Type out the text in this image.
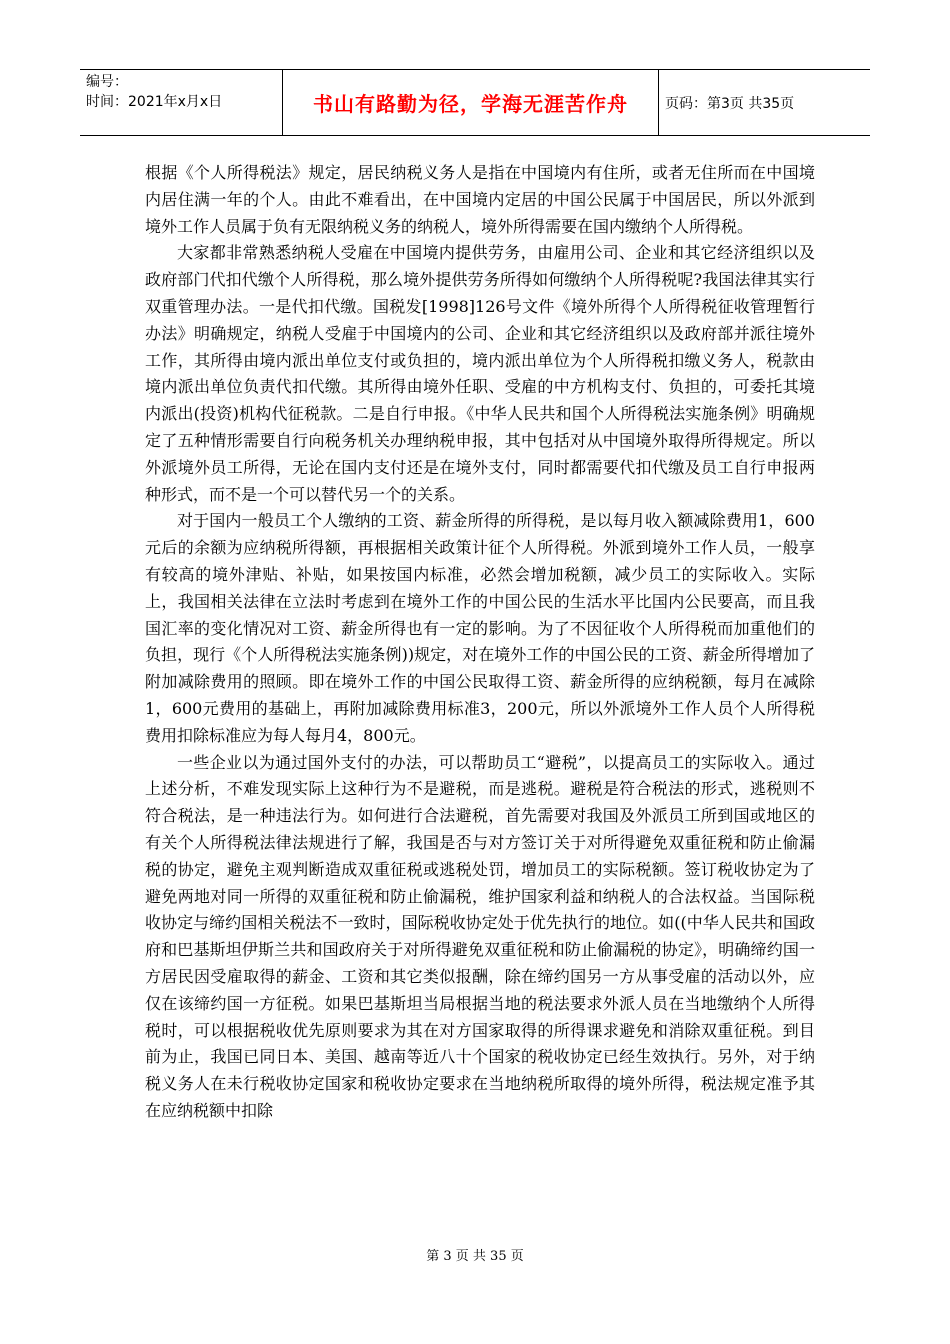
编号：
时间：2021年x月x日	书山有路勤为径，学海无涯苦作舟	页码：第3页 共35页

根据《个人所得税法》规定，居民纳税义务人是指在中国境内有住所，或者无住所而在中国境内居住满一年的个人。由此不难看出，在中国境内定居的中国公民属于中国居民，所以外派到境外工作人员属于负有无限纳税义务的纳税人，境外所得需要在国内缴纳个人所得税。

大家都非常熟悉纳税人受雇在中国境内提供劳务，由雇用公司、企业和其它经济组织以及政府部门代扣代缴个人所得税，那么境外提供劳务所得如何缴纳个人所得税呢?我国法律其实行双重管理办法。一是代扣代缴。国税发[1998]126号文件《境外所得个人所得税征收管理暂行办法》明确规定，纳税人受雇于中国境内的公司、企业和其它经济组织以及政府部并派往境外工作，其所得由境内派出单位支付或负担的，境内派出单位为个人所得税扣缴义务人，税款由境内派出单位负责代扣代缴。其所得由境外任职、受雇的中方机构支付、负担的，可委托其境内派出(投资)机构代征税款。二是自行申报。《中华人民共和国个人所得税法实施条例》明确规定了五种情形需要自行向税务机关办理纳税申报，其中包括对从中国境外取得所得规定。所以外派境外员工所得，无论在国内支付还是在境外支付，同时都需要代扣代缴及员工自行申报两种形式，而不是一个可以替代另一个的关系。

对于国内一般员工个人缴纳的工资、薪金所得的所得税，是以每月收入额减除费用1，600元后的余额为应纳税所得额，再根据相关政策计征个人所得税。外派到境外工作人员，一般享有较高的境外津贴、补贴，如果按国内标准，必然会增加税额，减少员工的实际收入。实际上，我国相关法律在立法时考虑到在境外工作的中国公民的生活水平比国内公民要高，而且我国汇率的变化情况对工资、薪金所得也有一定的影响。为了不因征收个人所得税而加重他们的负担，现行《个人所得税法实施条例))规定，对在境外工作的中国公民的工资、薪金所得增加了附加减除费用的照顾。即在境外工作的中国公民取得工资、薪金所得的应纳税额，每月在减除1，600元费用的基础上，再附加减除费用标准3，200元，所以外派境外工作人员个人所得税费用扣除标准应为每人每月4，800元。

一些企业以为通过国外支付的办法，可以帮助员工“避税”，以提高员工的实际收入。通过上述分析，不难发现实际上这种行为不是避税，而是逃税。避税是符合税法的形式，逃税则不符合税法，是一种违法行为。如何进行合法避税，首先需要对我国及外派员工所到国或地区的有关个人所得税法律法规进行了解，我国是否与对方签订关于对所得避免双重征税和防止偷漏税的协定，避免主观判断造成双重征税或逃税处罚，增加员工的实际税额。签订税收协定为了避免两地对同一所得的双重征税和防止偷漏税，维护国家利益和纳税人的合法权益。当国际税收协定与缔约国相关税法不一致时，国际税收协定处于优先执行的地位。如((中华人民共和国政府和巴基斯坦伊斯兰共和国政府关于对所得避免双重征税和防止偷漏税的协定》，明确缔约国一方居民因受雇取得的薪金、工资和其它类似报酬，除在缔约国另一方从事受雇的活动以外，应仅在该缔约国一方征税。如果巴基斯坦当局根据当地的税法要求外派人员在当地缴纳个人所得税时，可以根据税收优先原则要求为其在对方国家取得的所得课求避免和消除双重征税。到目前为止，我国已同日本、美国、越南等近八十个国家的税收协定已经生效执行。另外，对于纳税义务人在未行税收协定国家和税收协定要求在当地纳税所取得的境外所得，税法规定准予其在应纳税额中扣除

第 3 页 共 35 页
